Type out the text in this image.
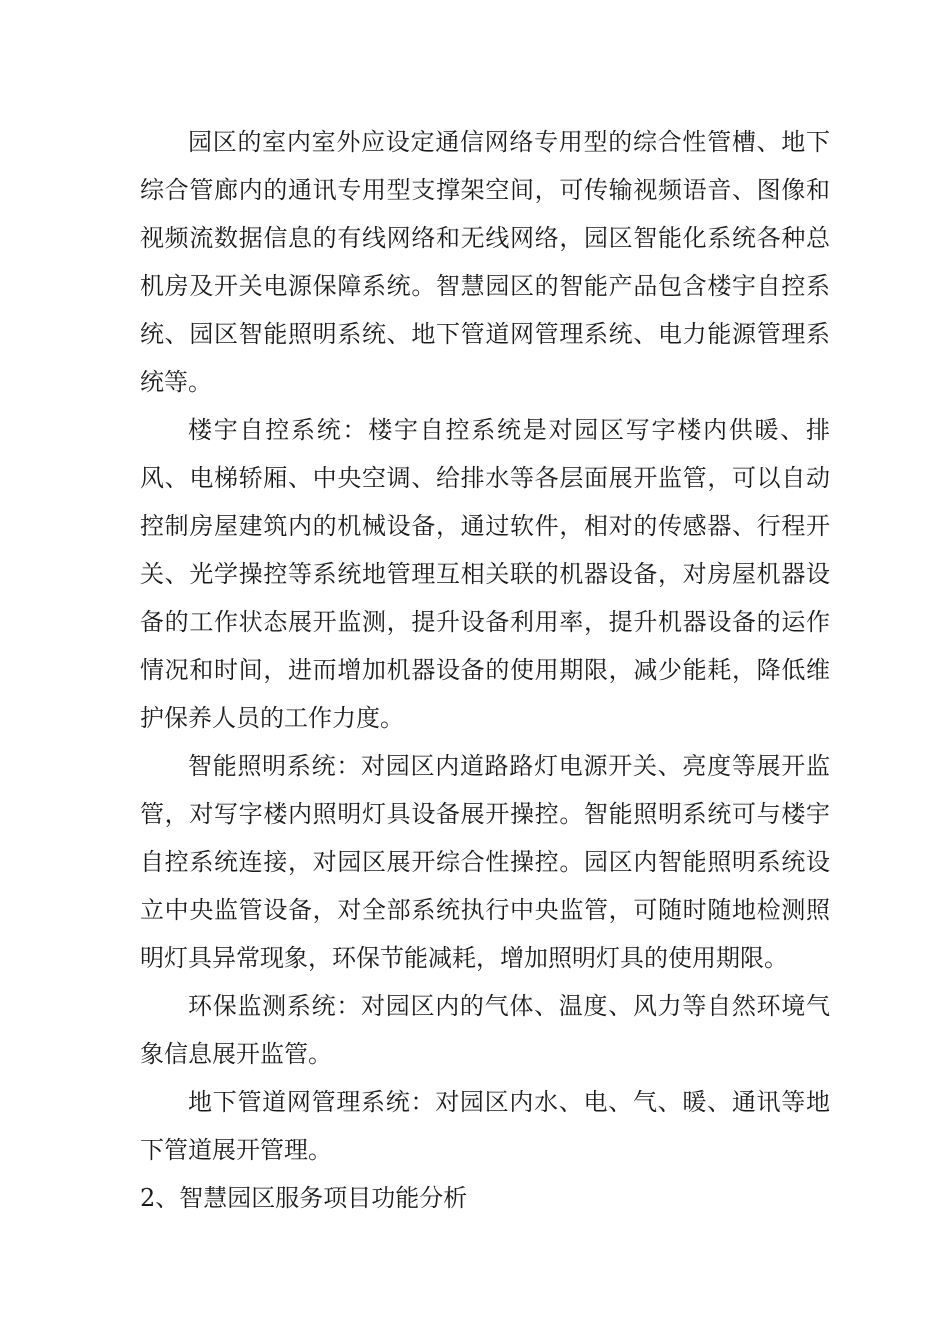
园区的室内室外应设定通信网络专用型的综合性管槽、地下综合管廊内的通讯专用型支撑架空间，可传输视频语音、图像和视频流数据信息的有线网络和无线网络，园区智能化系统各种总机房及开关电源保障系统。智慧园区的智能产品包含楼宇自控系统、园区智能照明系统、地下管道网管理系统、电力能源管理系统等。

楼宇自控系统：楼宇自控系统是对园区写字楼内供暖、排风、电梯轿厢、中央空调、给排水等各层面展开监管，可以自动控制房屋建筑内的机械设备，通过软件，相对的传感器、行程开关、光学操控等系统地管理互相关联的机器设备，对房屋机器设备的工作状态展开监测，提升设备利用率，提升机器设备的运作情况和时间，进而增加机器设备的使用期限，减少能耗，降低维护保养人员的工作力度。

智能照明系统：对园区内道路路灯电源开关、亮度等展开监管，对写字楼内照明灯具设备展开操控。智能照明系统可与楼宇自控系统连接，对园区展开综合性操控。园区内智能照明系统设立中央监管设备，对全部系统执行中央监管，可随时随地检测照明灯具异常现象，环保节能减耗，增加照明灯具的使用期限。

环保监测系统：对园区内的气体、温度、风力等自然环境气象信息展开监管。

地下管道网管理系统：对园区内水、电、气、暖、通讯等地下管道展开管理。

2、智慧园区服务项目功能分析
